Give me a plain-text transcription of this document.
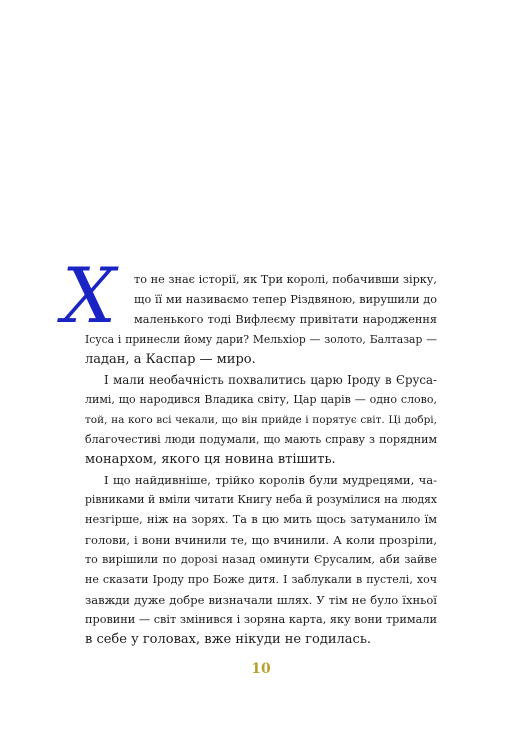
Х то не знає історії, як Три королі, побачивши зірку,
що її ми називаємо тепер Різдвяною, вирушили до
маленького тоді Вифлеєму привітати народження
Ісуса і принесли йому дари? Мельхіор — золото, Балтазар —
ладан, а Каспар — миро.
І мали необачність похвалитись царю Іроду в Єруса-
лимі, що народився Владика світу, Цар царів — одно слово,
той, на кого всі чекали, що він прийде і порятує світ. Ці добрі,
благочестиві люди подумали, що мають справу з порядним
монархом, якого ця новина втішить.
І що найдивніше, трійко королів були мудрецями, ча-
рівниками й вміли читати Книгу неба й розумілися на людях
незгірше, ніж на зорях. Та в цю мить щось затуманило їм
голови, і вони вчинили те, що вчинили. А коли прозріли,
то вирішили по дорозі назад оминути Єрусалим, аби зайве
не сказати Іроду про Боже дитя. І заблукали в пустелі, хоч
завжди дуже добре визначали шлях. У тім не було їхньої
провини — світ змінився і зоряна карта, яку вони тримали
в себе у головах, вже нікуди не годилась.
10
